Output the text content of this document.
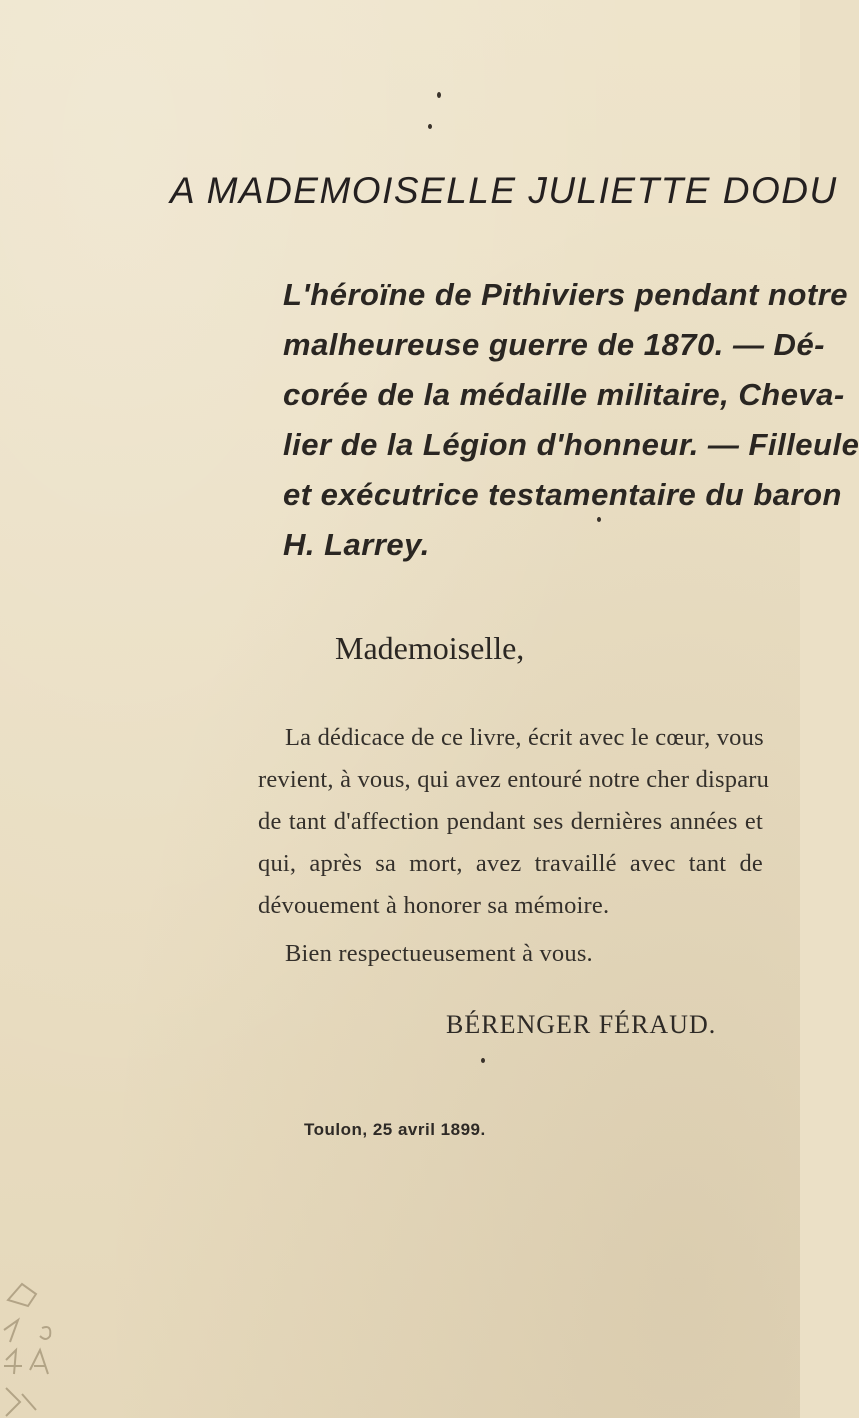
A MADEMOISELLE JULIETTE DODU
L'héroïne de Pithiviers pendant notre
malheureuse guerre de 1870. — Dé-
corée de la médaille militaire, Cheva-
lier de la Légion d'honneur. — Filleule
et exécutrice testamentaire du baron
H. Larrey.
Mademoiselle,
La dédicace de ce livre, écrit avec le cœur, vous
revient, à vous, qui avez entouré notre cher disparu
de tant d'affection pendant ses dernières années et
qui, après sa mort, avez travaillé avec tant de
dévouement à honorer sa mémoire.
Bien respectueusement à vous.
BÉRENGER FÉRAUD.
Toulon, 25 avril 1899.
